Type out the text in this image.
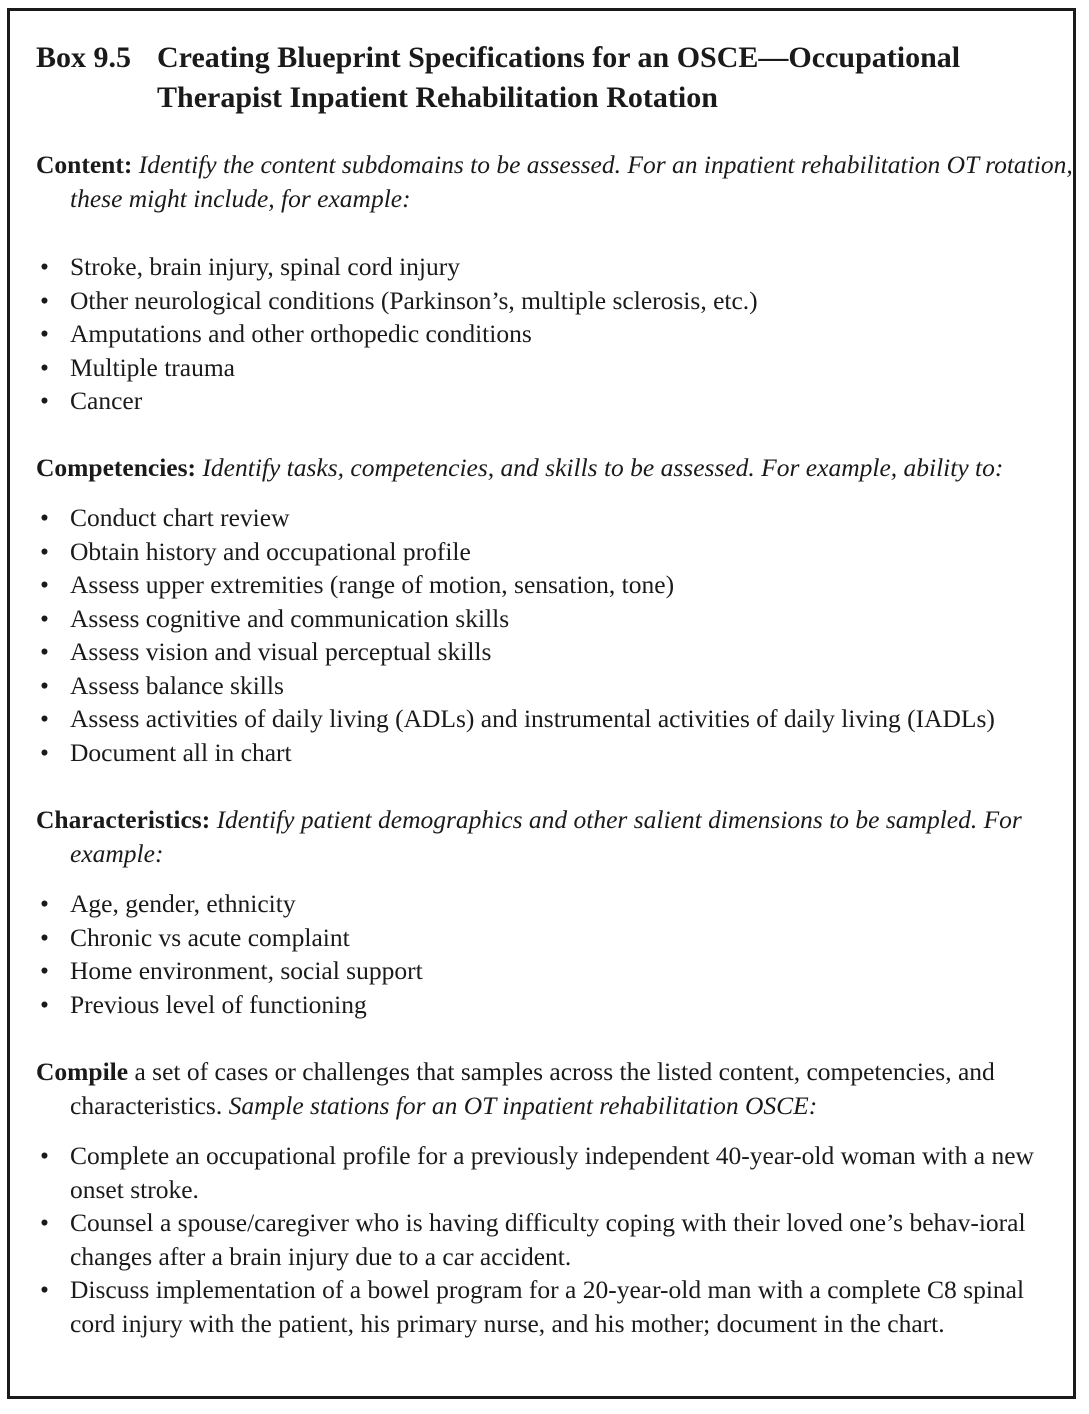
Box 9.5 Creating Blueprint Specifications for an OSCE—Occupational
Therapist Inpatient Rehabilitation Rotation
Content: Identify the content subdomains to be assessed. For an inpatient rehabilitation OT rotation, these might include, for example:
• Stroke, brain injury, spinal cord injury
• Other neurological conditions (Parkinson’s, multiple sclerosis, etc.)
• Amputations and other orthopedic conditions
• Multiple trauma
• Cancer
Competencies: Identify tasks, competencies, and skills to be assessed. For example, ability to:
• Conduct chart review
• Obtain history and occupational profile
• Assess upper extremities (range of motion, sensation, tone)
• Assess cognitive and communication skills
• Assess vision and visual perceptual skills
• Assess balance skills
• Assess activities of daily living (ADLs) and instrumental activities of daily living (IADLs)
• Document all in chart
Characteristics: Identify patient demographics and other salient dimensions to be sampled. For example:
• Age, gender, ethnicity
• Chronic vs acute complaint
• Home environment, social support
• Previous level of functioning
Compile a set of cases or challenges that samples across the listed content, competencies, and characteristics. Sample stations for an OT inpatient rehabilitation OSCE:
• Complete an occupational profile for a previously independent 40-year-old woman with a new onset stroke.
• Counsel a spouse/caregiver who is having difficulty coping with their loved one’s behav-ioral changes after a brain injury due to a car accident.
• Discuss implementation of a bowel program for a 20-year-old man with a complete C8 spinal cord injury with the patient, his primary nurse, and his mother; document in the chart.
